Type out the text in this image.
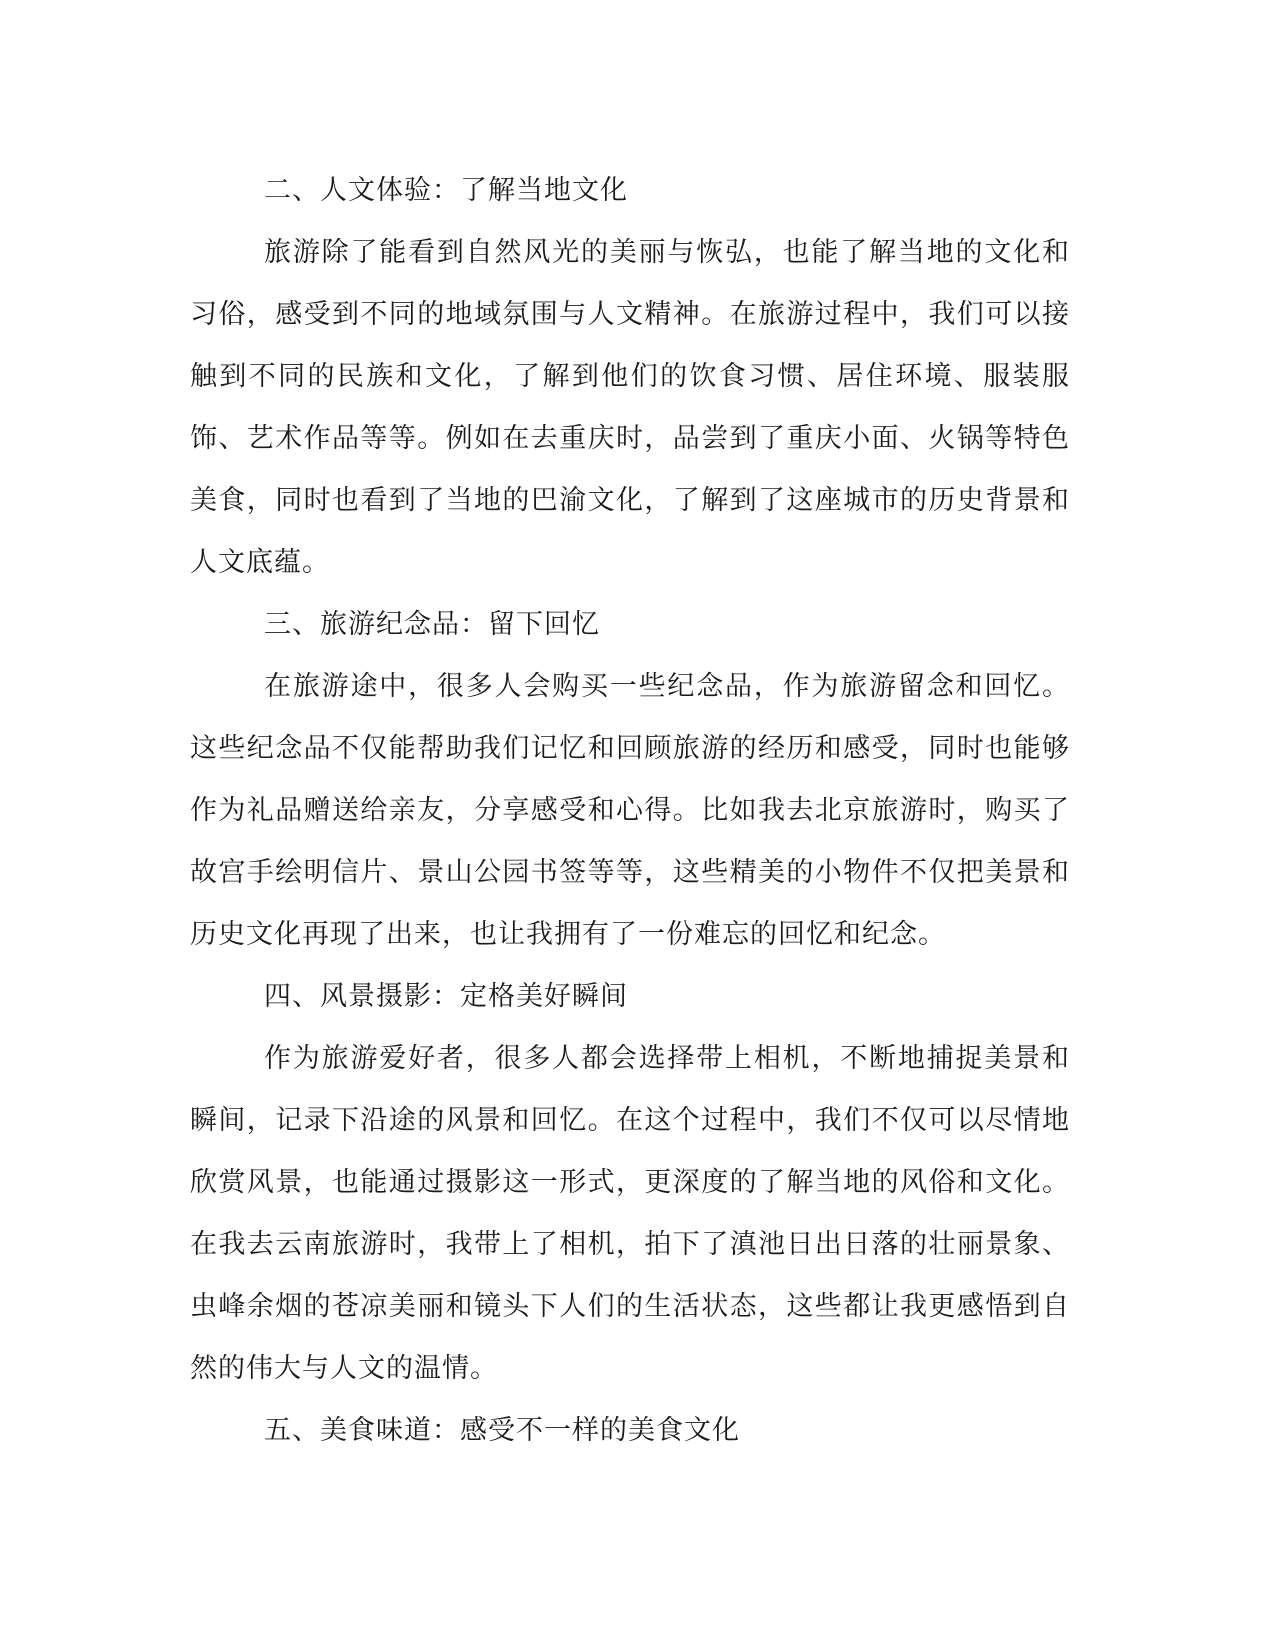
二、人文体验：了解当地文化

旅游除了能看到自然风光的美丽与恢弘，也能了解当地的文化和习俗，感受到不同的地域氛围与人文精神。在旅游过程中，我们可以接触到不同的民族和文化，了解到他们的饮食习惯、居住环境、服装服饰、艺术作品等等。例如在去重庆时，品尝到了重庆小面、火锅等特色美食，同时也看到了当地的巴渝文化，了解到了这座城市的历史背景和人文底蕴。

三、旅游纪念品：留下回忆

在旅游途中，很多人会购买一些纪念品，作为旅游留念和回忆。这些纪念品不仅能帮助我们记忆和回顾旅游的经历和感受，同时也能够作为礼品赠送给亲友，分享感受和心得。比如我去北京旅游时，购买了故宫手绘明信片、景山公园书签等等，这些精美的小物件不仅把美景和历史文化再现了出来，也让我拥有了一份难忘的回忆和纪念。

四、风景摄影：定格美好瞬间

作为旅游爱好者，很多人都会选择带上相机，不断地捕捉美景和瞬间，记录下沿途的风景和回忆。在这个过程中，我们不仅可以尽情地欣赏风景，也能通过摄影这一形式，更深度的了解当地的风俗和文化。在我去云南旅游时，我带上了相机，拍下了滇池日出日落的壮丽景象、虫峰余烟的苍凉美丽和镜头下人们的生活状态，这些都让我更感悟到自然的伟大与人文的温情。

五、美食味道：感受不一样的美食文化
